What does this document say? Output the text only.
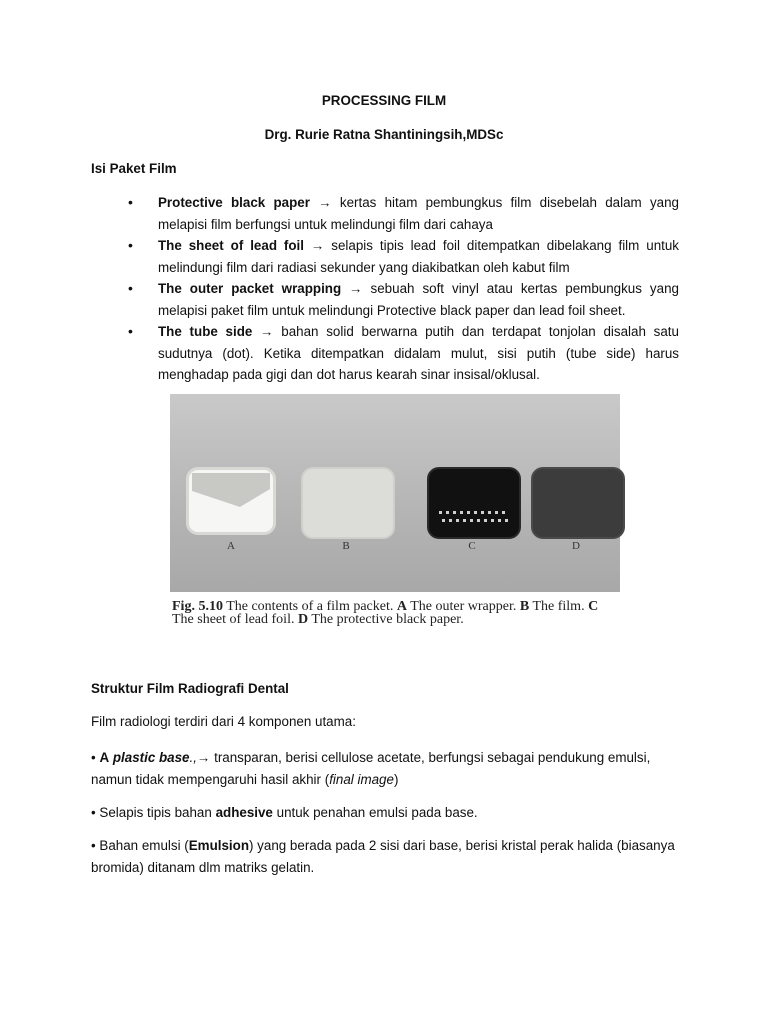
PROCESSING FILM
Drg. Rurie Ratna Shantiningsih,MDSc
Isi Paket Film
• Protective black paper → kertas hitam pembungkus film disebelah dalam yang melapisi film berfungsi untuk melindungi film dari cahaya
• The sheet of lead foil → selapis tipis lead foil ditempatkan dibelakang film untuk melindungi film dari radiasi sekunder yang diakibatkan oleh kabut film
• The outer packet wrapping → sebuah soft vinyl atau kertas pembungkus yang melapisi paket film untuk melindungi Protective black paper dan lead foil sheet.
• The tube side → bahan solid berwarna putih dan terdapat tonjolan disalah satu sudutnya (dot). Ketika ditempatkan didalam mulut, sisi putih (tube side) harus menghadap pada gigi dan dot harus kearah sinar insisal/oklusal.
A	B	C	D
Fig. 5.10 The contents of a film packet. A The outer wrapper. B The film. C The sheet of lead foil. D The protective black paper.
Struktur Film Radiografi Dental
Film radiologi terdiri dari 4 komponen utama:
• A plastic base.,→ transparan, berisi cellulose acetate, berfungsi sebagai pendukung emulsi, namun tidak mempengaruhi hasil akhir (final image)
• Selapis tipis bahan adhesive untuk penahan emulsi pada base.
• Bahan emulsi (Emulsion) yang berada pada 2 sisi dari base, berisi kristal perak halida (biasanya bromida) ditanam dlm matriks gelatin.
